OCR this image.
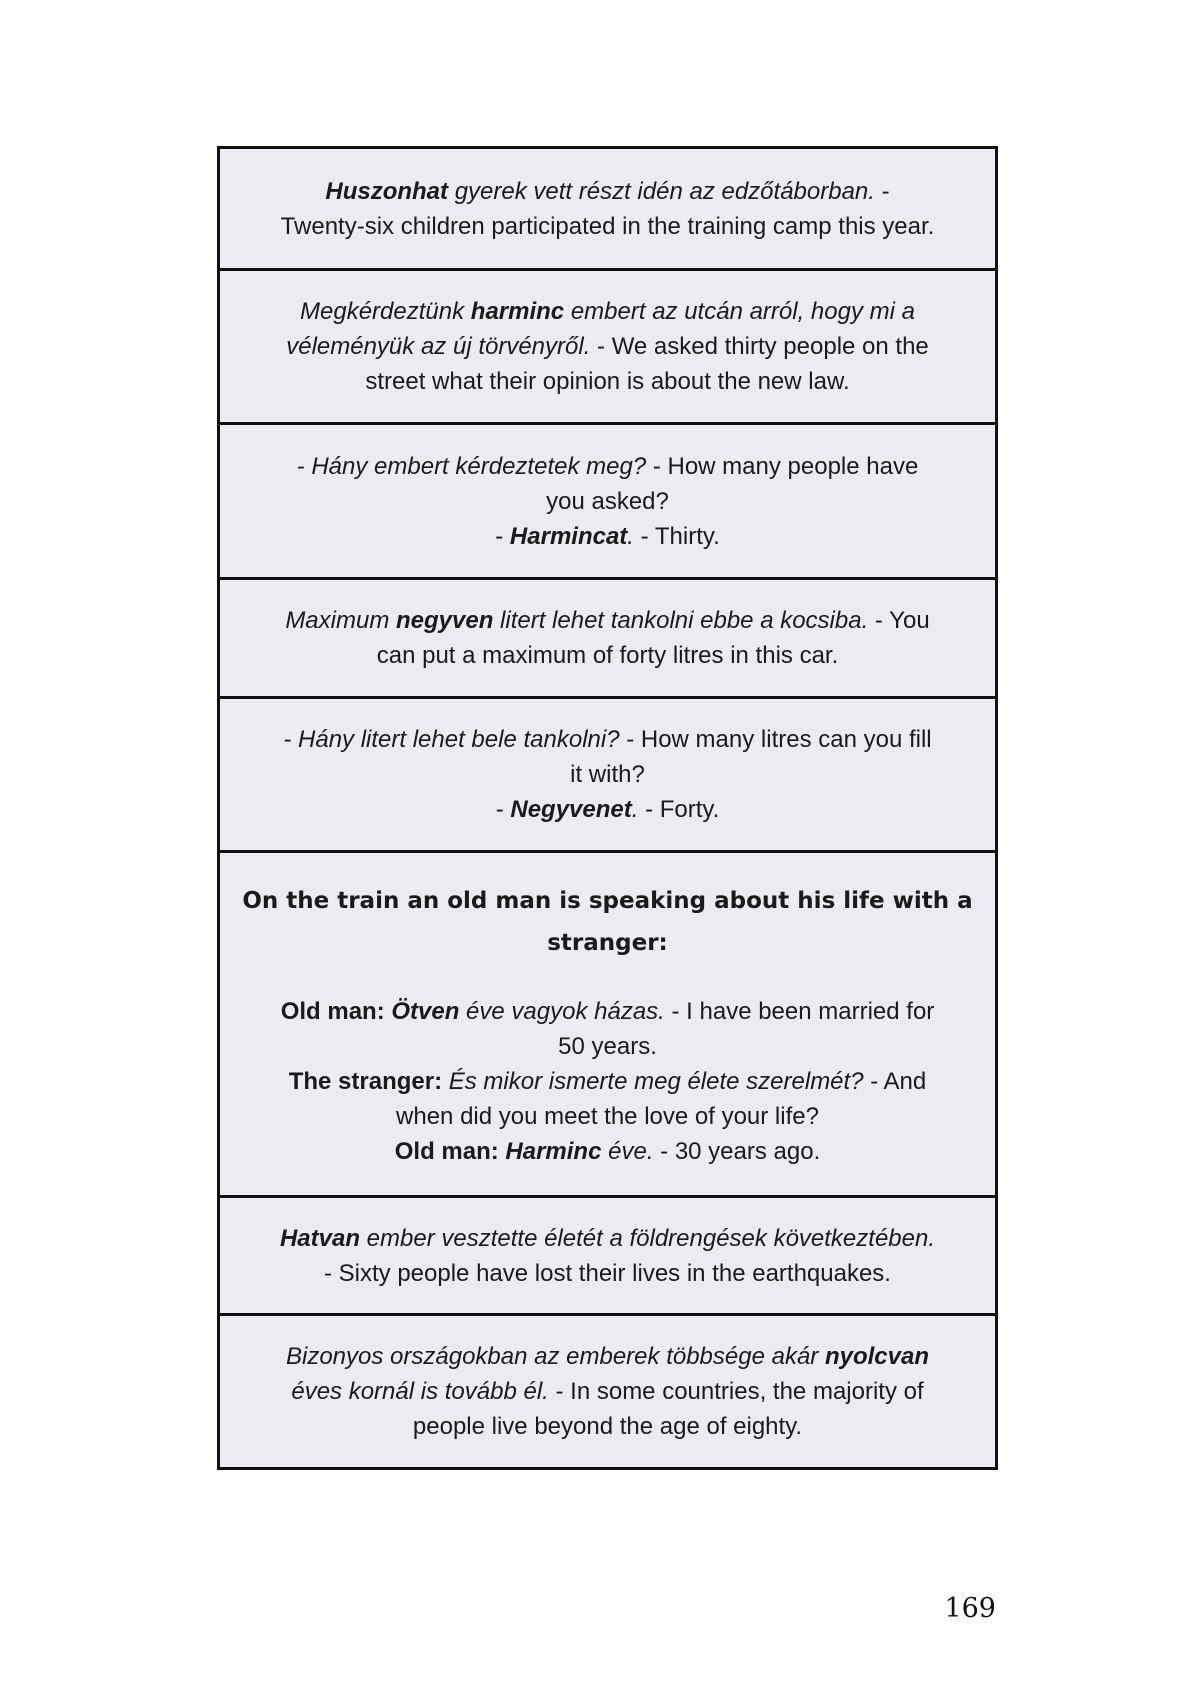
Huszonhat gyerek vett részt idén az edzőtáborban. -
Twenty-six children participated in the training camp this year.
Megkérdeztünk harminc embert az utcán arról, hogy mi a
véleményük az új törvényről. - We asked thirty people on the
street what their opinion is about the new law.
- Hány embert kérdeztetek meg? - How many people have
you asked?
- Harmincat. - Thirty.
Maximum negyven litert lehet tankolni ebbe a kocsiba. - You
can put a maximum of forty litres in this car.
- Hány litert lehet bele tankolni? - How many litres can you fill
it with?
- Negyvenet. - Forty.
On the train an old man is speaking about his life with a
stranger:
Old man: Ötven éve vagyok házas. - I have been married for
50 years.
The stranger: És mikor ismerte meg élete szerelmét? - And
when did you meet the love of your life?
Old man: Harminc éve. - 30 years ago.
Hatvan ember vesztette életét a földrengések következtében.
- Sixty people have lost their lives in the earthquakes.
Bizonyos országokban az emberek többsége akár nyolcvan
éves kornál is tovább él. - In some countries, the majority of
people live beyond the age of eighty.
169
